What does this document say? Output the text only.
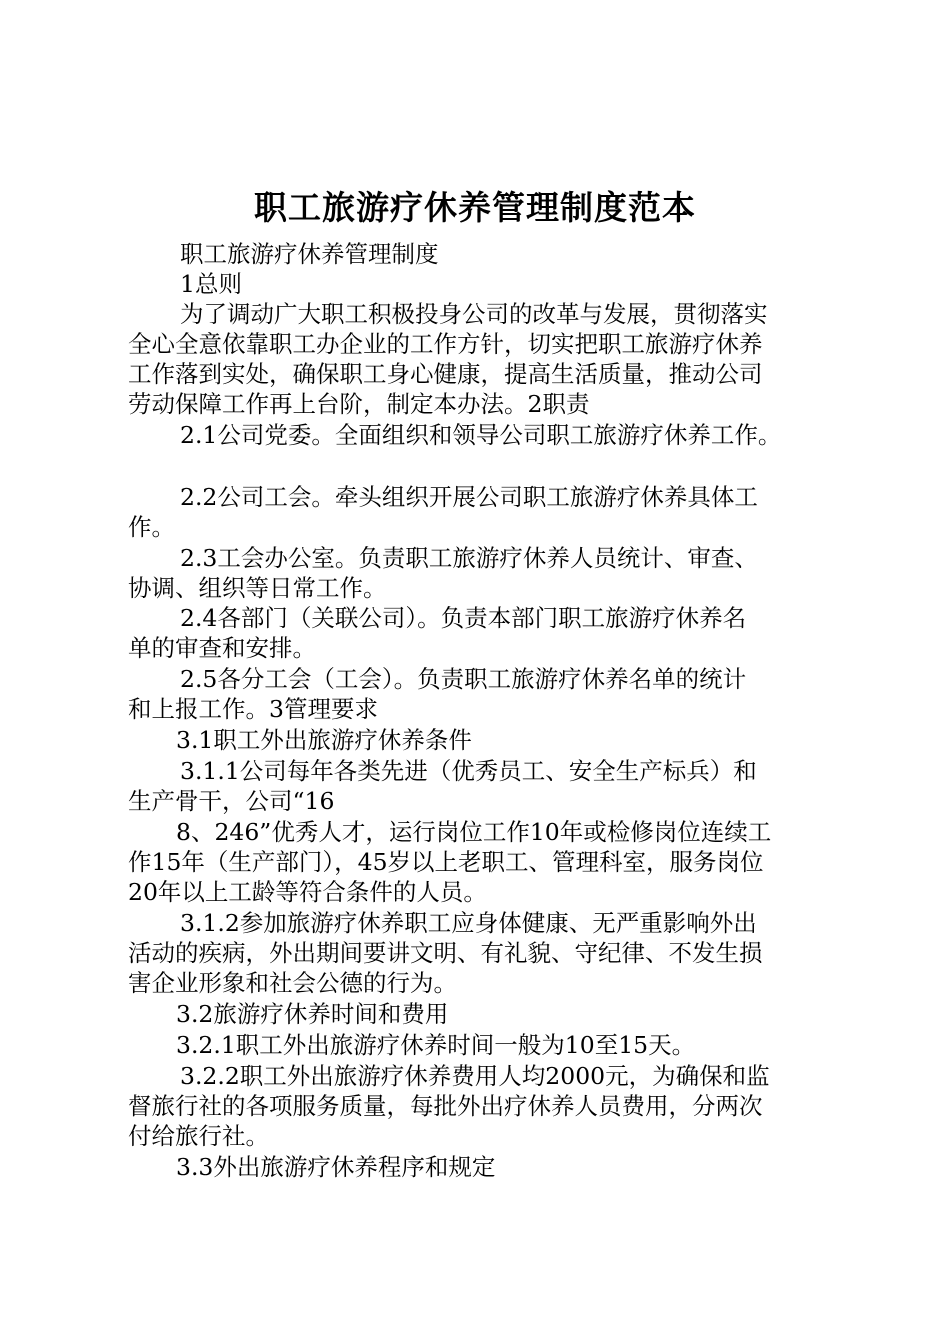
职工旅游疗休养管理制度范本
职工旅游疗休养管理制度
1总则
为了调动广大职工积极投身公司的改革与发展，贯彻落实
全心全意依靠职工办企业的工作方针，切实把职工旅游疗休养
工作落到实处，确保职工身心健康，提高生活质量，推动公司
劳动保障工作再上台阶，制定本办法。2职责
2.1公司党委。全面组织和领导公司职工旅游疗休养工作。
2.2公司工会。牵头组织开展公司职工旅游疗休养具体工
作。
2.3工会办公室。负责职工旅游疗休养人员统计、审查、
协调、组织等日常工作。
2.4各部门（关联公司）。负责本部门职工旅游疗休养名
单的审查和安排。
2.5各分工会（工会）。负责职工旅游疗休养名单的统计
和上报工作。3管理要求
3.1职工外出旅游疗休养条件
3.1.1公司每年各类先进（优秀员工、安全生产标兵）和
生产骨干，公司“16
8、246”优秀人才，运行岗位工作10年或检修岗位连续工
作15年（生产部门），45岁以上老职工、管理科室，服务岗位
20年以上工龄等符合条件的人员。
3.1.2参加旅游疗休养职工应身体健康、无严重影响外出
活动的疾病，外出期间要讲文明、有礼貌、守纪律、不发生损
害企业形象和社会公德的行为。
3.2旅游疗休养时间和费用
3.2.1职工外出旅游疗休养时间一般为10至15天。
3.2.2职工外出旅游疗休养费用人均2000元，为确保和监
督旅行社的各项服务质量，每批外出疗休养人员费用，分两次
付给旅行社。
3.3外出旅游疗休养程序和规定
